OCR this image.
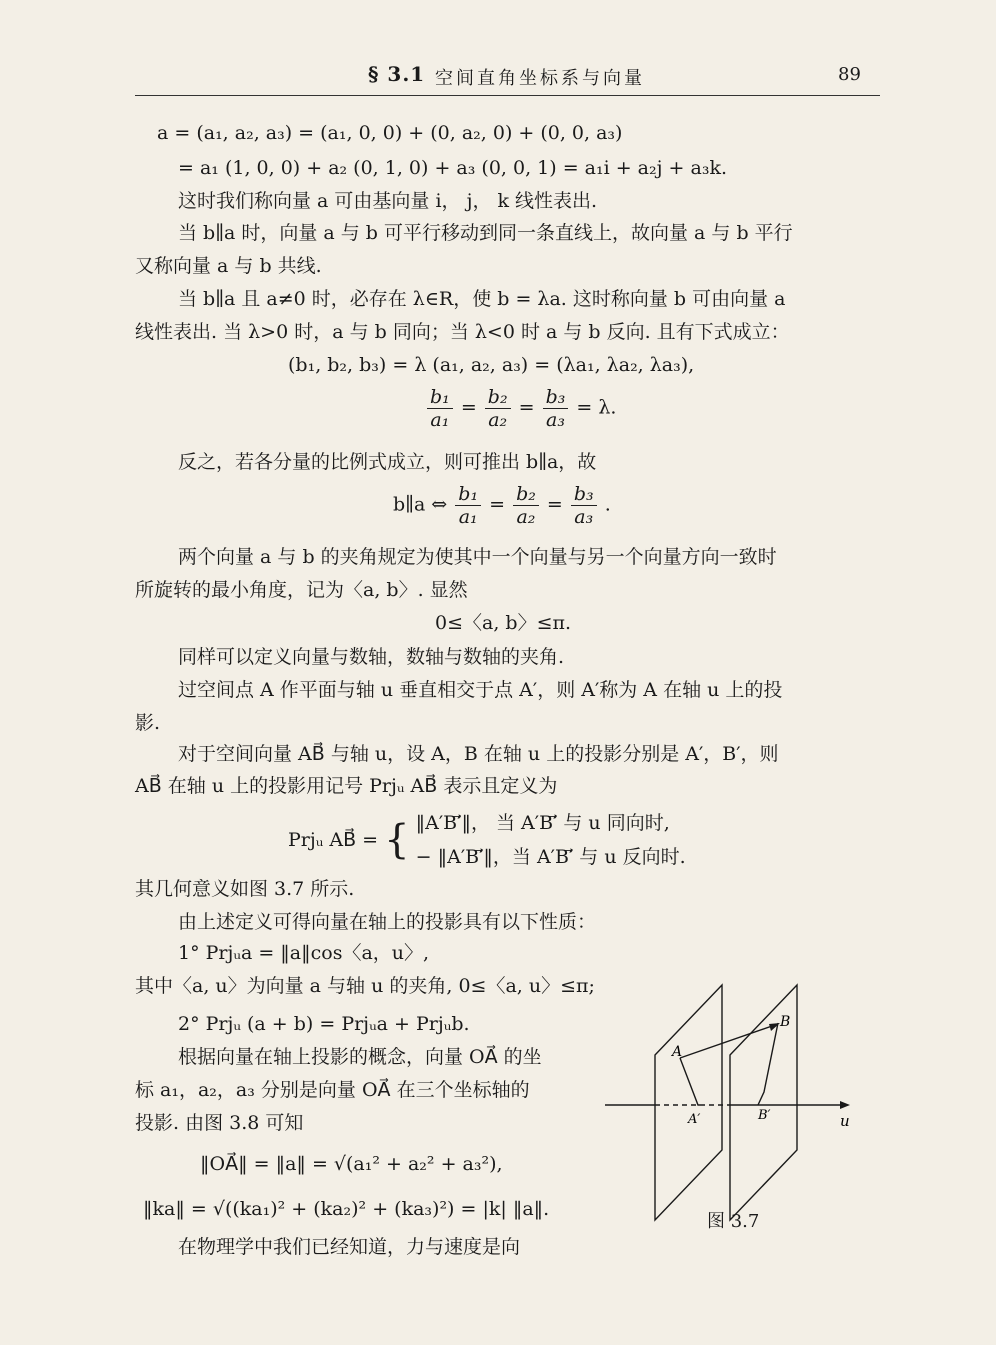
§ 3.1 空间直角坐标系与向量	89
a = (a₁, a₂, a₃) = (a₁, 0, 0) + (0, a₂, 0) + (0, 0, a₃)
= a₁ (1, 0, 0) + a₂ (0, 1, 0) + a₃ (0, 0, 1) = a₁i + a₂j + a₃k.
这时我们称向量 a 可由基向量 i， j， k 线性表出.
当 b∥a 时，向量 a 与 b 可平行移动到同一条直线上，故向量 a 与 b 平行
又称向量 a 与 b 共线.
当 b∥a 且 a≠0 时，必存在 λ∈R，使 b = λa. 这时称向量 b 可由向量 a
线性表出. 当 λ>0 时，a 与 b 同向；当 λ<0 时 a 与 b 反向. 且有下式成立：
(b₁, b₂, b₃) = λ (a₁, a₂, a₃) = (λa₁, λa₂, λa₃),
$\frac{\text{b₁}}{\text{a₁}} = \frac{\text{b₂}}{\text{a₂}} = \frac{\text{b₃}}{\text{a₃}} = \lambda$.
反之，若各分量的比例式成立，则可推出 b∥a，故
b∥a ⇔ $\frac{\text{b₁}}{\text{a₁}} = \frac{\text{b₂}}{\text{a₂}} = \frac{\text{b₃}}{\text{a₃}}$ .
两个向量 a 与 b 的夹角规定为使其中一个向量与另一个向量方向一致时
所旋转的最小角度，记为〈a, b〉. 显然
0≤〈a, b〉≤π.
同样可以定义向量与数轴，数轴与数轴的夹角.
过空间点 A 作平面与轴 u 垂直相交于点 A′，则 A′称为 A 在轴 u 上的投
影.
对于空间向量 AB⃗ 与轴 u，设 A，B 在轴 u 上的投影分别是 A′，B′，则
AB⃗ 在轴 u 上的投影用记号 Prjᵤ AB⃗ 表示且定义为
Prjᵤ AB⃗ = { ‖A′B′⃗‖， 当 A′B′⃗ 与 u 同向时,
− ‖A′B′⃗‖，当 A′B′⃗ 与 u 反向时.
其几何意义如图 3.7 所示.
由上述定义可得向量在轴上的投影具有以下性质：
1° Prjᵤa = ‖a‖cos〈a，u〉,
其中〈a, u〉为向量 a 与轴 u 的夹角, 0≤〈a, u〉≤π;
2° Prjᵤ (a + b) = Prjᵤa + Prjᵤb.
根据向量在轴上投影的概念，向量 OA⃗ 的坐
标 a₁，a₂，a₃ 分别是向量 OA⃗ 在三个坐标轴的
投影. 由图 3.8 可知
‖OA⃗‖ = ‖a‖ = √(a₁² + a₂² + a₃²),
‖ka‖ = √((ka₁)² + (ka₂)² + (ka₃)²) = |k| ‖a‖.
在物理学中我们已经知道，力与速度是向
A
B
A′	B′	u
图 3.7
